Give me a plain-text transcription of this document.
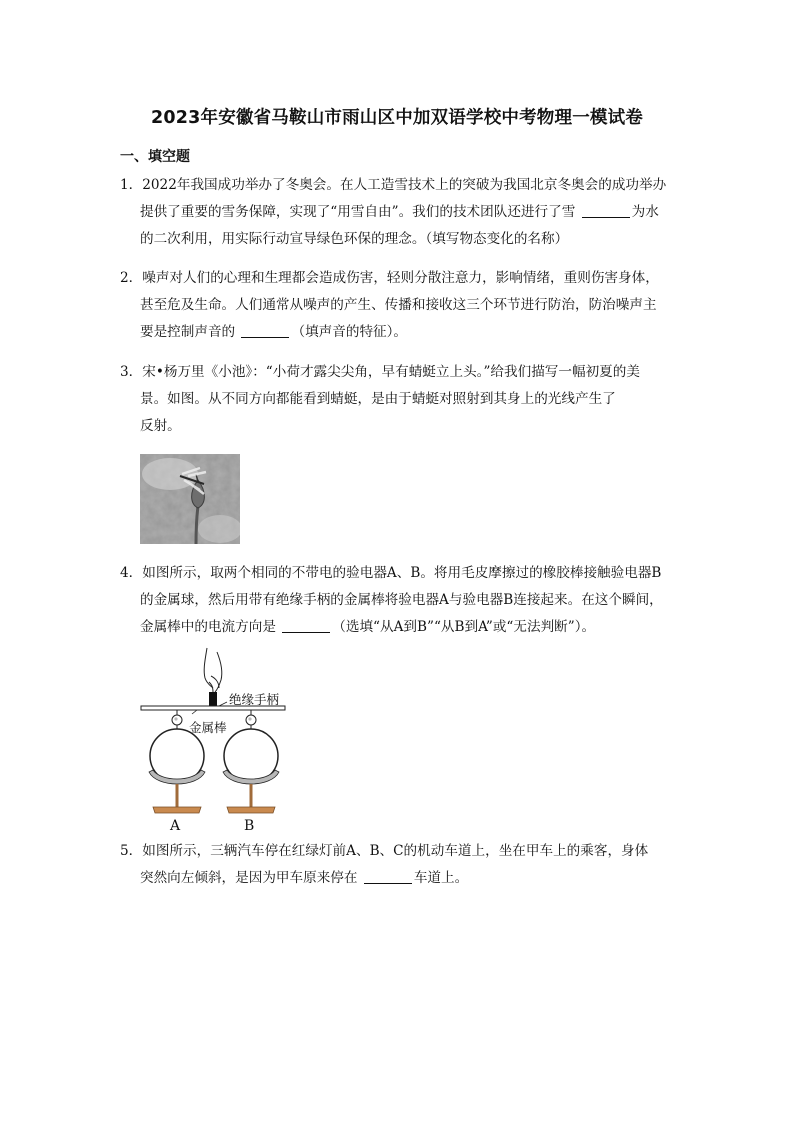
2023年安徽省马鞍山市雨山区中加双语学校中考物理一模试卷
一、填空题
1．2022年我国成功举办了冬奥会。在人工造雪技术上的突破为我国北京冬奥会的成功举办
提供了重要的雪务保障，实现了“用雪自由”。我们的技术团队还进行了雪	为水
的二次利用，用实际行动宣导绿色环保的理念。（填写物态变化的名称）
2．噪声对人们的心理和生理都会造成伤害，轻则分散注意力，影响情绪，重则伤害身体，
甚至危及生命。人们通常从噪声的产生、传播和接收这三个环节进行防治，防治噪声主
要是控制声音的	（填声音的特征）。
3．宋•杨万里《小池》：“小荷才露尖尖角，早有蜻蜓立上头。”给我们描写一幅初夏的美
景。如图。从不同方向都能看到蜻蜓，是由于蜻蜓对照射到其身上的光线产生了
反射。
4．如图所示，取两个相同的不带电的验电器A、B。将用毛皮摩擦过的橡胶棒接触验电器B
的金属球，然后用带有绝缘手柄的金属棒将验电器A与验电器B连接起来。在这个瞬间，
金属棒中的电流方向是	（选填“从A到B”“从B到A”或“无法判断”）。
绝缘手柄
金属棒
A	B
5．如图所示，三辆汽车停在红绿灯前A、B、C的机动车道上，坐在甲车上的乘客，身体
突然向左倾斜，是因为甲车原来停在	车道上。
